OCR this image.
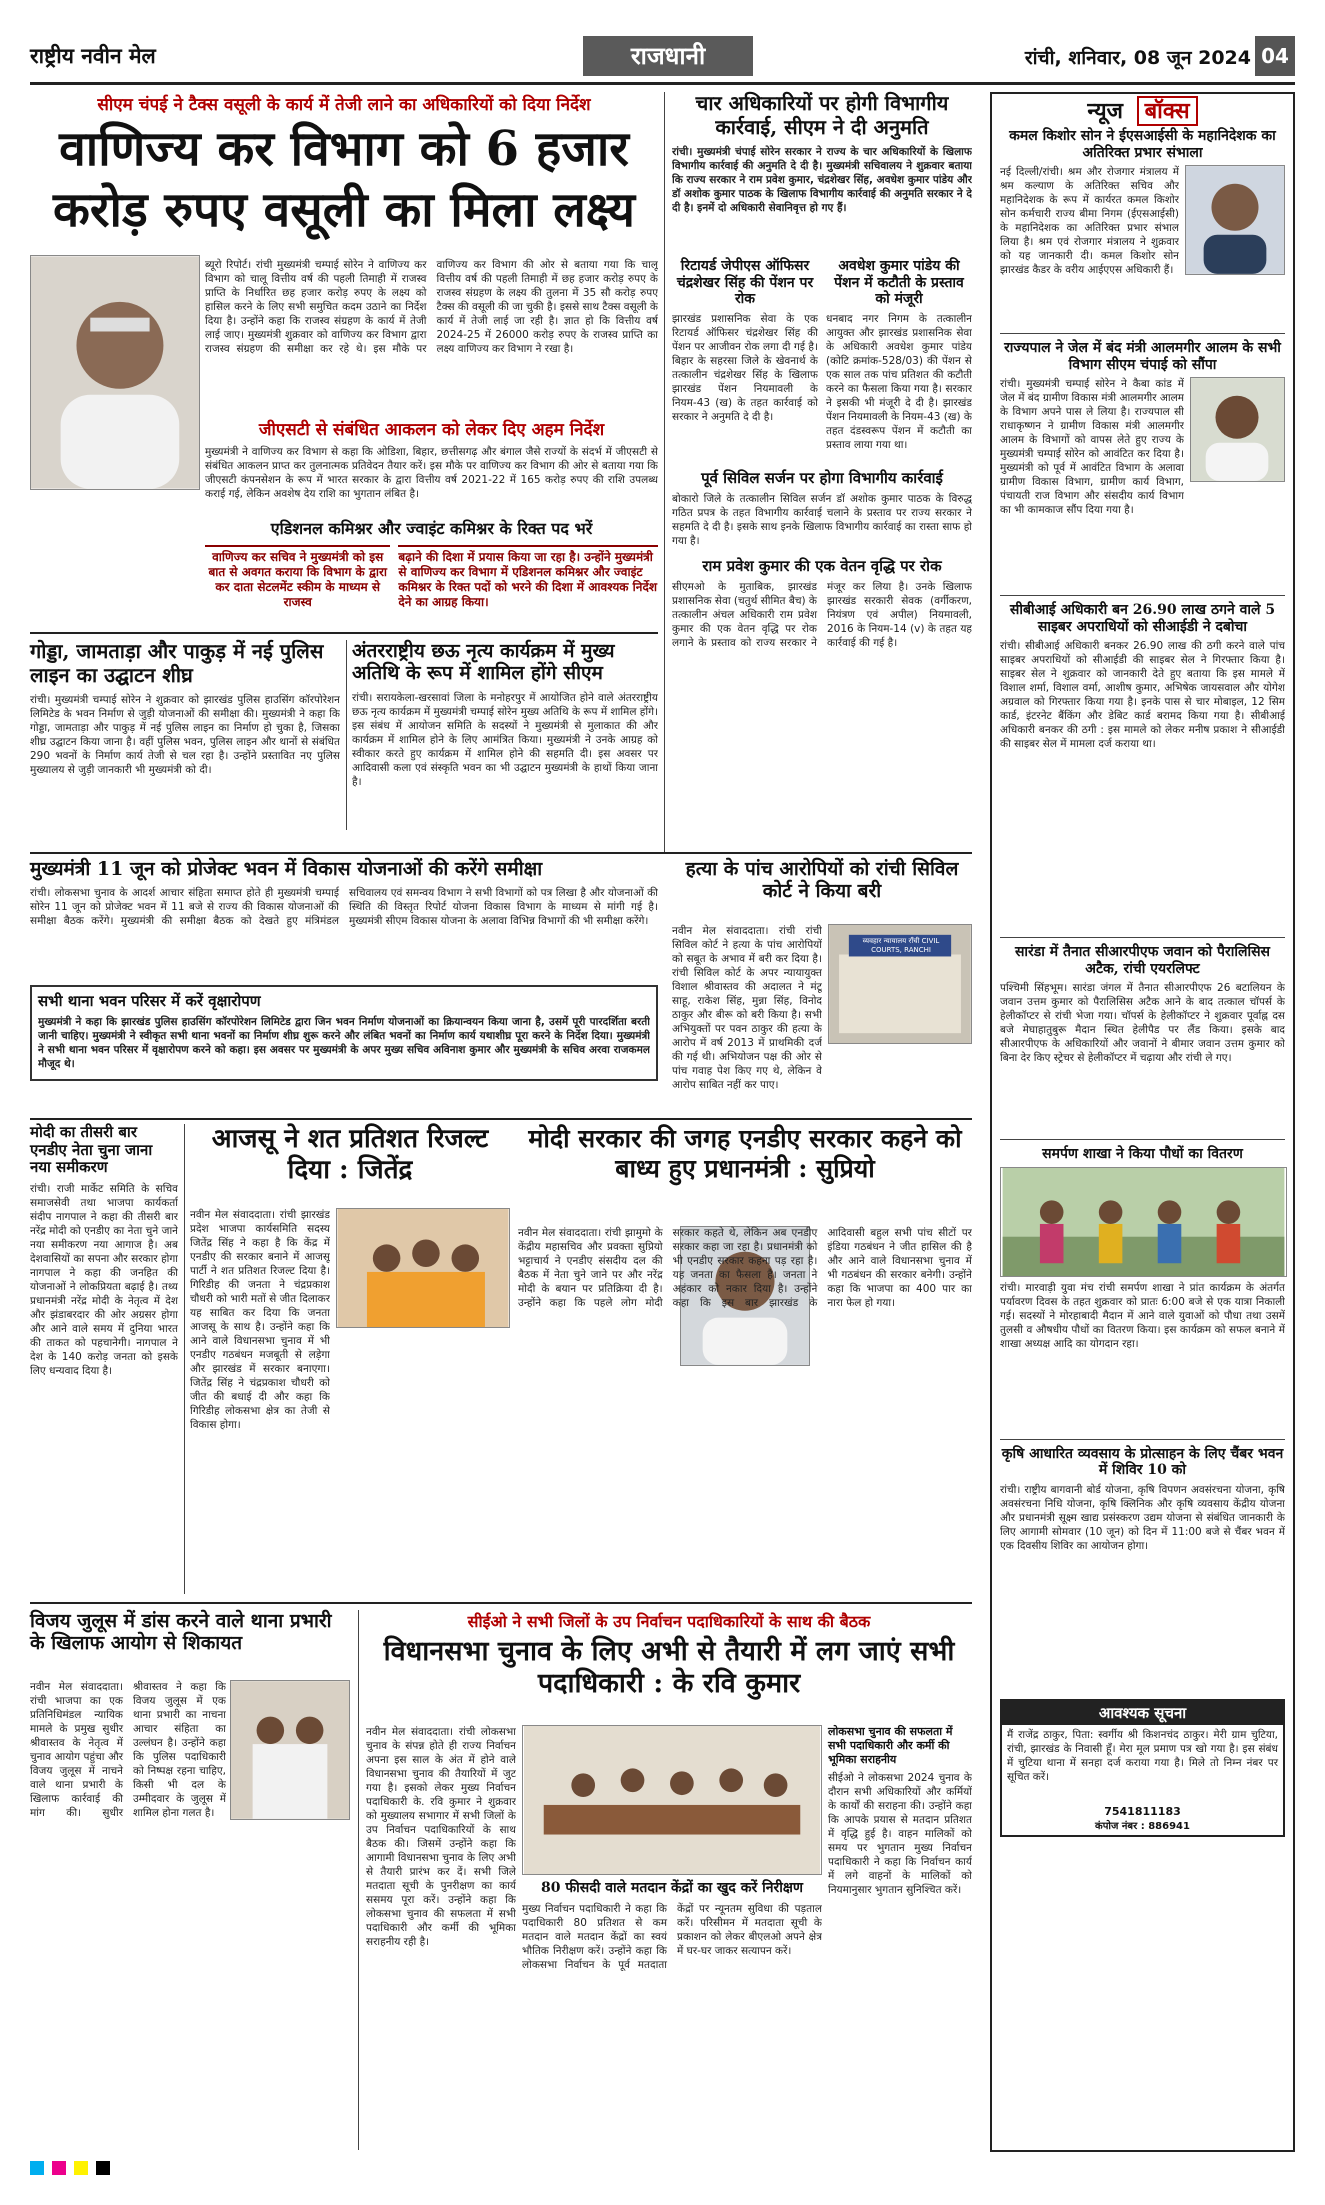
राष्ट्रीय नवीन मेल	राजधानी	रांची, शनिवार, 08 जून 2024 04
सीएम चंपई ने टैक्स वसूली के कार्य में तेजी लाने का अधिकारियों को दिया निर्देश
वाणिज्य कर विभाग को 6 हजार
करोड़ रुपए वसूली का मिला लक्ष्य
ब्यूरो रिपोर्ट। रांची मुख्यमंत्री चम्पाई सोरेन ने वाणिज्य कर विभाग को चालू वित्तीय वर्ष की पहली तिमाही में राजस्व प्राप्ति के निर्धारित छह हजार करोड़ रुपए के लक्ष्य को हासिल करने के लिए सभी समुचित कदम उठाने का निर्देश दिया है। उन्होंने कहा कि राजस्व संग्रहण के कार्य में तेजी लाई जाए। मुख्यमंत्री शुक्रवार को वाणिज्य कर विभाग द्वारा राजस्व संग्रहण की समीक्षा कर रहे थे। इस मौके पर वाणिज्य कर विभाग की ओर से बताया गया कि चालू वित्तीय वर्ष की पहली तिमाही में छह हजार करोड़ रुपए के राजस्व संग्रहण के लक्ष्य की तुलना में 35 सौ करोड़ रुपए टैक्स की वसूली की जा चुकी है। इससे साथ टैक्स वसूली के कार्य में तेजी लाई जा रही है। ज्ञात हो कि वित्तीय वर्ष 2024-25 में 26000 करोड़ रुपए के राजस्व प्राप्ति का लक्ष्य वाणिज्य कर विभाग ने रखा है।
जीएसटी से संबंधित आकलन को लेकर दिए अहम निर्देश
मुख्यमंत्री ने वाणिज्य कर विभाग से कहा कि ओडिशा, बिहार, छत्तीसगढ़ और बंगाल जैसे राज्यों के संदर्भ में जीएसटी से संबंधित आकलन प्राप्त कर तुलनात्मक प्रतिवेदन तैयार करें। इस मौके पर वाणिज्य कर विभाग की ओर से बताया गया कि जीएसटी कंपनसेशन के रूप में भारत सरकार के द्वारा वित्तीय वर्ष 2021-22 में 165 करोड़ रुपए की राशि उपलब्ध कराई गई, लेकिन अवशेष देय राशि का भुगतान लंबित है।
एडिशनल कमिश्नर और ज्वाइंट कमिश्नर के रिक्त पद भरें
वाणिज्य कर सचिव ने मुख्यमंत्री को इस बात से अवगत कराया कि विभाग के द्वारा कर दाता सेटलमेंट स्कीम के माध्यम से राजस्व
बढ़ाने की दिशा में प्रयास किया जा रहा है। उन्होंने मुख्यमंत्री से वाणिज्य कर विभाग में एडिशनल कमिश्नर और ज्वाइंट कमिश्नर के रिक्त पदों को भरने की दिशा में आवश्यक निर्देश देने का आग्रह किया।
चार अधिकारियों पर होगी विभागीय कार्रवाई, सीएम ने दी अनुमति
रांची। मुख्यमंत्री चंपाई सोरेन सरकार ने राज्य के चार अधिकारियों के खिलाफ विभागीय कार्रवाई की अनुमति दे दी है। मुख्यमंत्री सचिवालय ने शुक्रवार बताया कि राज्य सरकार ने राम प्रवेश कुमार, चंद्रशेखर सिंह, अवधेश कुमार पांडेय और डॉ अशोक कुमार पाठक के खिलाफ विभागीय कार्रवाई की अनुमति सरकार ने दे दी है। इनमें दो अधिकारी सेवानिवृत्त हो गए हैं।
रिटायर्ड जेपीएस ऑफिसर चंद्रशेखर सिंह की पेंशन पर रोक
झारखंड प्रशासनिक सेवा के एक रिटायर्ड ऑफिसर चंद्रशेखर सिंह की पेंशन पर आजीवन रोक लगा दी गई है। बिहार के सहरसा जिले के खेवनार्थ के तत्कालीन चंद्रशेखर सिंह के खिलाफ झारखंड पेंशन नियमावली के नियम-43 (ख) के तहत कार्रवाई को सरकार ने अनुमति दे दी है।
अवधेश कुमार पांडेय की पेंशन में कटौती के प्रस्ताव को मंजूरी
धनबाद नगर निगम के तत्कालीन आयुक्त और झारखंड प्रशासनिक सेवा के अधिकारी अवधेश कुमार पांडेय (कोटि क्रमांक-528/03) की पेंशन से एक साल तक पांच प्रतिशत की कटौती करने का फैसला किया गया है। सरकार ने इसकी भी मंजूरी दे दी है। झारखंड पेंशन नियमावली के नियम-43 (ख) के तहत दंडस्वरूप पेंशन में कटौती का प्रस्ताव लाया गया था।
पूर्व सिविल सर्जन पर होगा विभागीय कार्रवाई
बोकारो जिले के तत्कालीन सिविल सर्जन डॉ अशोक कुमार पाठक के विरुद्ध गठित प्रपत्र के तहत विभागीय कार्रवाई चलाने के प्रस्ताव पर राज्य सरकार ने सहमति दे दी है। इसके साथ इनके खिलाफ विभागीय कार्रवाई का रास्ता साफ हो गया है।
राम प्रवेश कुमार की एक वेतन वृद्धि पर रोक
सीएमओ के मुताबिक, झारखंड प्रशासनिक सेवा (चतुर्थ सीमित बैच) के तत्कालीन अंचल अधिकारी राम प्रवेश कुमार की एक वेतन वृद्धि पर रोक लगाने के प्रस्ताव को राज्य सरकार ने मंजूर कर लिया है। उनके खिलाफ झारखंड सरकारी सेवक (वर्गीकरण, नियंत्रण एवं अपील) नियमावली, 2016 के नियम-14 (v) के तहत यह कार्रवाई की गई है।
न्यूज बॉक्स
कमल किशोर सोन ने ईएसआईसी के महानिदेशक का अतिरिक्त प्रभार संभाला
नई दिल्ली/रांची। श्रम और रोजगार मंत्रालय में श्रम कल्याण के अतिरिक्त सचिव और महानिदेशक के रूप में कार्यरत कमल किशोर सोन कर्मचारी राज्य बीमा निगम (ईएसआईसी) के महानिदेशक का अतिरिक्त प्रभार संभाल लिया है। श्रम एवं रोजगार मंत्रालय ने शुक्रवार को यह जानकारी दी। कमल किशोर सोन झारखंड कैडर के वरीय आईएएस अधिकारी हैं।
राज्यपाल ने जेल में बंद मंत्री आलमगीर आलम के सभी विभाग सीएम चंपाई को सौंपा
रांची। मुख्यमंत्री चम्पाई सोरेन ने कैबा कांड में जेल में बंद ग्रामीण विकास मंत्री आलमगीर आलम के विभाग अपने पास ले लिया है। राज्यपाल सी राधाकृष्णन ने ग्रामीण विकास मंत्री आलमगीर आलम के विभागों को वापस लेते हुए राज्य के मुख्यमंत्री चम्पाई सोरेन को आवंटित कर दिया है। मुख्यमंत्री को पूर्व में आवंटित विभाग के अलावा ग्रामीण विकास विभाग, ग्रामीण कार्य विभाग, पंचायती राज विभाग और संसदीय कार्य विभाग का भी कामकाज सौंप दिया गया है।
सीबीआई अधिकारी बन 26.90 लाख ठगने वाले 5 साइबर अपराधियों को सीआईडी ने दबोचा
रांची। सीबीआई अधिकारी बनकर 26.90 लाख की ठगी करने वाले पांच साइबर अपराधियों को सीआईडी की साइबर सेल ने गिरफ्तार किया है। साइबर सेल ने शुक्रवार को जानकारी देते हुए बताया कि इस मामले में विशाल शर्मा, विशाल वर्मा, आशीष कुमार, अभिषेक जायसवाल और योगेश अग्रवाल को गिरफ्तार किया गया है। इनके पास से चार मोबाइल, 12 सिम कार्ड, इंटरनेट बैंकिंग और डेबिट कार्ड बरामद किया गया है। सीबीआई अधिकारी बनकर की ठगी : इस मामले को लेकर मनीष प्रकाश ने सीआईडी की साइबर सेल में मामला दर्ज कराया था।
सारंडा में तैनात सीआरपीएफ जवान को पैरालिसिस अटैक, रांची एयरलिफ्ट
पश्चिमी सिंहभूम। सारंडा जंगल में तैनात सीआरपीएफ 26 बटालियन के जवान उत्तम कुमार को पैरालिसिस अटैक आने के बाद तत्काल चॉपर्स के हेलीकॉप्टर से रांची भेजा गया। चॉपर्स के हेलीकॉप्टर ने शुक्रवार पूर्वाह्न दस बजे मेघाहातुबुरू मैदान स्थित हेलीपैड पर लैंड किया। इसके बाद सीआरपीएफ के अधिकारियों और जवानों ने बीमार जवान उत्तम कुमार को बिना देर किए स्ट्रेचर से हेलीकॉप्टर में चढ़ाया और रांची ले गए।
समर्पण शाखा ने किया पौधों का वितरण
रांची। मारवाड़ी युवा मंच रांची समर्पण शाखा ने प्रांत कार्यक्रम के अंतर्गत पर्यावरण दिवस के तहत शुक्रवार को प्रातः 6:00 बजे से एक यात्रा निकाली गई। सदस्यों ने मोरहाबादी मैदान में आने वाले युवाओं को पौधा तथा उसमें तुलसी व औषधीय पौधों का वितरण किया। इस कार्यक्रम को सफल बनाने में शाखा अध्यक्ष आदि का योगदान रहा।
कृषि आधारित व्यवसाय के प्रोत्साहन के लिए चैंबर भवन में शिविर 10 को
रांची। राष्ट्रीय बागवानी बोर्ड योजना, कृषि विपणन अवसंरचना योजना, कृषि अवसंरचना निधि योजना, कृषि क्लिनिक और कृषि व्यवसाय केंद्रीय योजना और प्रधानमंत्री सूक्ष्म खाद्य प्रसंस्करण उद्यम योजना से संबंधित जानकारी के लिए आगामी सोमवार (10 जून) को दिन में 11:00 बजे से चैंबर भवन में एक दिवसीय शिविर का आयोजन होगा।
आवश्यक सूचना
मैं राजेंद्र ठाकुर, पिता: स्वर्गीय श्री किशनचंद ठाकुर। मेरी ग्राम चुटिया, रांची, झारखंड के निवासी हूँ। मेरा मूल प्रमाण पत्र खो गया है। इस संबंध में चुटिया थाना में सनहा दर्ज कराया गया है। मिले तो निम्न नंबर पर सूचित करें।
7541811183
कंपोज नंबर : 886941
गोड्डा, जामताड़ा और पाकुड़ में नई पुलिस लाइन का उद्घाटन शीघ्र
रांची। मुख्यमंत्री चम्पाई सोरेन ने शुक्रवार को झारखंड पुलिस हाउसिंग कॉरपोरेशन लिमिटेड के भवन निर्माण से जुड़ी योजनाओं की समीक्षा की। मुख्यमंत्री ने कहा कि गोड्डा, जामताड़ा और पाकुड़ में नई पुलिस लाइन का निर्माण हो चुका है, जिसका शीघ्र उद्घाटन किया जाना है। वहीं पुलिस भवन, पुलिस लाइन और थानों से संबंधित 290 भवनों के निर्माण कार्य तेजी से चल रहा है। उन्होंने प्रस्तावित नए पुलिस मुख्यालय से जुड़ी जानकारी भी मुख्यमंत्री को दी।
अंतरराष्ट्रीय छऊ नृत्य कार्यक्रम में मुख्य अतिथि के रूप में शामिल होंगे सीएम
रांची। सरायकेला-खरसावां जिला के मनोहरपुर में आयोजित होने वाले अंतरराष्ट्रीय छऊ नृत्य कार्यक्रम में मुख्यमंत्री चम्पाई सोरेन मुख्य अतिथि के रूप में शामिल होंगे। इस संबंध में आयोजन समिति के सदस्यों ने मुख्यमंत्री से मुलाकात की और कार्यक्रम में शामिल होने के लिए आमंत्रित किया। मुख्यमंत्री ने उनके आग्रह को स्वीकार करते हुए कार्यक्रम में शामिल होने की सहमति दी। इस अवसर पर आदिवासी कला एवं संस्कृति भवन का भी उद्घाटन मुख्यमंत्री के हाथों किया जाना है।
मुख्यमंत्री 11 जून को प्रोजेक्ट भवन में विकास योजनाओं की करेंगे समीक्षा
रांची। लोकसभा चुनाव के आदर्श आचार संहिता समाप्त होते ही मुख्यमंत्री चम्पाई सोरेन 11 जून को प्रोजेक्ट भवन में 11 बजे से राज्य की विकास योजनाओं की समीक्षा बैठक करेंगे। मुख्यमंत्री की समीक्षा बैठक को देखते हुए मंत्रिमंडल सचिवालय एवं समन्वय विभाग ने सभी विभागों को पत्र लिखा है और योजनाओं की स्थिति की विस्तृत रिपोर्ट योजना विकास विभाग के माध्यम से मांगी गई है। मुख्यमंत्री सीएम विकास योजना के अलावा विभिन्न विभागों की भी समीक्षा करेंगे।
सभी थाना भवन परिसर में करें वृक्षारोपण
मुख्यमंत्री ने कहा कि झारखंड पुलिस हाउसिंग कॉरपोरेशन लिमिटेड द्वारा जिन भवन निर्माण योजनाओं का क्रियान्वयन किया जाना है, उसमें पूरी पारदर्शिता बरती जानी चाहिए। मुख्यमंत्री ने स्वीकृत सभी थाना भवनों का निर्माण शीघ्र शुरू करने और लंबित भवनों का निर्माण कार्य यथाशीघ्र पूरा करने के निर्देश दिया। मुख्यमंत्री ने सभी थाना भवन परिसर में वृक्षारोपण करने को कहा। इस अवसर पर मुख्यमंत्री के अपर मुख्य सचिव अविनाश कुमार और मुख्यमंत्री के सचिव अरवा राजकमल मौजूद थे।
हत्या के पांच आरोपियों को रांची सिविल कोर्ट ने किया बरी
नवीन मेल संवाददाता। रांची रांची सिविल कोर्ट ने हत्या के पांच आरोपियों को सबूत के अभाव में बरी कर दिया है। रांची सिविल कोर्ट के अपर न्यायायुक्त विशाल श्रीवास्तव की अदालत ने मंटू साहू, राकेश सिंह, मुन्ना सिंह, विनोद ठाकुर और बीरू को बरी किया है। सभी अभियुक्तों पर पवन ठाकुर की हत्या के आरोप में वर्ष 2013 में प्राथमिकी दर्ज की गई थी। अभियोजन पक्ष की ओर से पांच गवाह पेश किए गए थे, लेकिन वे आरोप साबित नहीं कर पाए।
व्यवहार न्यायालय राँची CIVIL COURTS, RANCHI
मोदी का तीसरी बार एनडीए नेता चुना जाना नया समीकरण
रांची। राजी मार्केट समिति के सचिव समाजसेवी तथा भाजपा कार्यकर्ता संदीप नागपाल ने कहा की तीसरी बार नरेंद्र मोदी को एनडीए का नेता चुने जाने नया समीकरण नया आगाज है। अब देशवासियों का सपना और सरकार होगा नागपाल ने कहा की जनहित की योजनाओं ने लोकप्रियता बढ़ाई है। तथ्य प्रधानमंत्री नरेंद्र मोदी के नेतृत्व में देश और झंडाबरदार की ओर अग्रसर होगा और आने वाले समय में दुनिया भारत की ताकत को पहचानेगी। नागपाल ने देश के 140 करोड़ जनता को इसके लिए धन्यवाद दिया है।
आजसू ने शत प्रतिशत रिजल्ट दिया : जितेंद्र
नवीन मेल संवाददाता। रांची झारखंड प्रदेश भाजपा कार्यसमिति सदस्य जितेंद्र सिंह ने कहा है कि केंद्र में एनडीए की सरकार बनाने में आजसू पार्टी ने शत प्रतिशत रिजल्ट दिया है। गिरिडीह की जनता ने चंद्रप्रकाश चौधरी को भारी मतों से जीत दिलाकर यह साबित कर दिया कि जनता आजसू के साथ है। उन्होंने कहा कि आने वाले विधानसभा चुनाव में भी एनडीए गठबंधन मजबूती से लड़ेगा और झारखंड में सरकार बनाएगा। जितेंद्र सिंह ने चंद्रप्रकाश चौधरी को जीत की बधाई दी और कहा कि गिरिडीह लोकसभा क्षेत्र का तेजी से विकास होगा।
मोदी सरकार की जगह एनडीए सरकार कहने को बाध्य हुए प्रधानमंत्री : सुप्रियो
नवीन मेल संवाददाता। रांची झामुमो के केंद्रीय महासचिव और प्रवक्ता सुप्रियो भट्टाचार्य ने एनडीए संसदीय दल की बैठक में नेता चुने जाने पर और नरेंद्र मोदी के बयान पर प्रतिक्रिया दी है। उन्होंने कहा कि पहले लोग मोदी सरकार कहते थे, लेकिन अब एनडीए सरकार कहा जा रहा है। प्रधानमंत्री को भी एनडीए सरकार कहना पड़ रहा है। यह जनता का फैसला है। जनता ने अहंकार को नकार दिया है। उन्होंने कहा कि इस बार झारखंड के आदिवासी बहुल सभी पांच सीटों पर इंडिया गठबंधन ने जीत हासिल की है और आने वाले विधानसभा चुनाव में भी गठबंधन की सरकार बनेगी। उन्होंने कहा कि भाजपा का 400 पार का नारा फेल हो गया।
विजय जुलूस में डांस करने वाले थाना प्रभारी के खिलाफ आयोग से शिकायत
नवीन मेल संवाददाता। रांची भाजपा का एक प्रतिनिधिमंडल न्यायिक मामले के प्रमुख सुधीर श्रीवास्तव के नेतृत्व में चुनाव आयोग पहुंचा और विजय जुलूस में नाचने वाले थाना प्रभारी के खिलाफ कार्रवाई की मांग की। सुधीर श्रीवास्तव ने कहा कि विजय जुलूस में एक थाना प्रभारी का नाचना आचार संहिता का उल्लंघन है। उन्होंने कहा कि पुलिस पदाधिकारी को निष्पक्ष रहना चाहिए, किसी भी दल के उम्मीदवार के जुलूस में शामिल होना गलत है।
सीईओ ने सभी जिलों के उप निर्वाचन पदाधिकारियों के साथ की बैठक
विधानसभा चुनाव के लिए अभी से तैयारी में लग जाएं सभी पदाधिकारी : के रवि कुमार
नवीन मेल संवाददाता। रांची लोकसभा चुनाव के संपन्न होते ही राज्य निर्वाचन अपना इस साल के अंत में होने वाले विधानसभा चुनाव की तैयारियों में जुट गया है। इसको लेकर मुख्य निर्वाचन पदाधिकारी के. रवि कुमार ने शुक्रवार को मुख्यालय सभागार में सभी जिलों के उप निर्वाचन पदाधिकारियों के साथ बैठक की। जिसमें उन्होंने कहा कि आगामी विधानसभा चुनाव के लिए अभी से तैयारी प्रारंभ कर दें। सभी जिले मतदाता सूची के पुनरीक्षण का कार्य ससमय पूरा करें। उन्होंने कहा कि लोकसभा चुनाव की सफलता में सभी पदाधिकारी और कर्मी की भूमिका सराहनीय रही है।
80 फीसदी वाले मतदान केंद्रों का खुद करें निरीक्षण
मुख्य निर्वाचन पदाधिकारी ने कहा कि पदाधिकारी 80 प्रतिशत से कम मतदान वाले मतदान केंद्रों का स्वयं भौतिक निरीक्षण करें। उन्होंने कहा कि लोकसभा निर्वाचन के पूर्व मतदाता केंद्रों पर न्यूनतम सुविधा की पड़ताल करें। परिसीमन में मतदाता सूची के प्रकाशन को लेकर बीएलओ अपने क्षेत्र में घर-घर जाकर सत्यापन करें।
लोकसभा चुनाव की सफलता में सभी पदाधिकारी और कर्मी की भूमिका सराहनीय
सीईओ ने लोकसभा 2024 चुनाव के दौरान सभी अधिकारियों और कर्मियों के कार्यों की सराहना की। उन्होंने कहा कि आपके प्रयास से मतदान प्रतिशत में वृद्धि हुई है। वाहन मालिकों को समय पर भुगतान मुख्य निर्वाचन पदाधिकारी ने कहा कि निर्वाचन कार्य में लगे वाहनों के मालिकों को नियमानुसार भुगतान सुनिश्चित करें।
